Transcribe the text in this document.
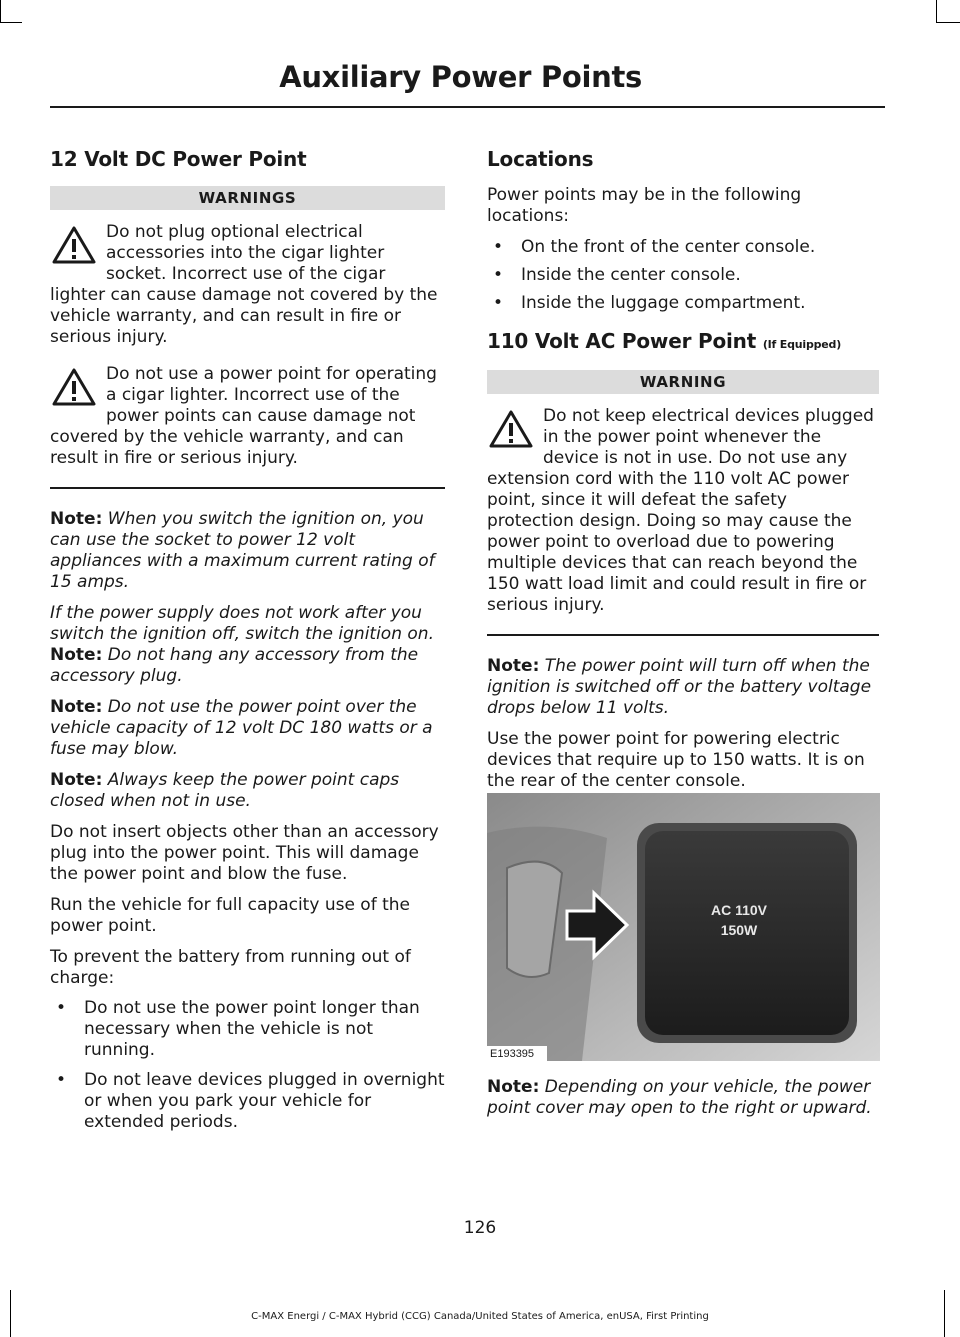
Auxiliary Power Points
12 Volt DC Power Point
WARNINGS
Do not plug optional electrical accessories into the cigar lighter socket. Incorrect use of the cigar lighter can cause damage not covered by the vehicle warranty, and can result in fire or serious injury.
Do not use a power point for operating a cigar lighter. Incorrect use of the power points can cause damage not covered by the vehicle warranty, and can result in fire or serious injury.

Note: When you switch the ignition on, you can use the socket to power 12 volt appliances with a maximum current rating of 15 amps.

If the power supply does not work after you switch the ignition off, switch the ignition on.

Note: Do not hang any accessory from the accessory plug.

Note: Do not use the power point over the vehicle capacity of 12 volt DC 180 watts or a fuse may blow.

Note: Always keep the power point caps closed when not in use.

Do not insert objects other than an accessory plug into the power point. This will damage the power point and blow the fuse.

Run the vehicle for full capacity use of the power point.

To prevent the battery from running out of charge:

• Do not use the power point longer than necessary when the vehicle is not running.
• Do not leave devices plugged in overnight or when you park your vehicle for extended periods.
Locations

Power points may be in the following locations:

• On the front of the center console.
• Inside the center console.
• Inside the luggage compartment.
110 Volt AC Power Point (If Equipped)
WARNING
Do not keep electrical devices plugged in the power point whenever the device is not in use. Do not use any extension cord with the 110 volt AC power point, since it will defeat the safety protection design. Doing so may cause the power point to overload due to powering multiple devices that can reach beyond the 150 watt load limit and could result in fire or serious injury.

Note: The power point will turn off when the ignition is switched off or the battery voltage drops below 11 volts.

Use the power point for powering electric devices that require up to 150 watts. It is on the rear of the center console.

AC 110V
150W
E193395

Note: Depending on your vehicle, the power point cover may open to the right or upward.

126
C-MAX Energi / C-MAX Hybrid (CCG) Canada/United States of America, enUSA, First Printing
